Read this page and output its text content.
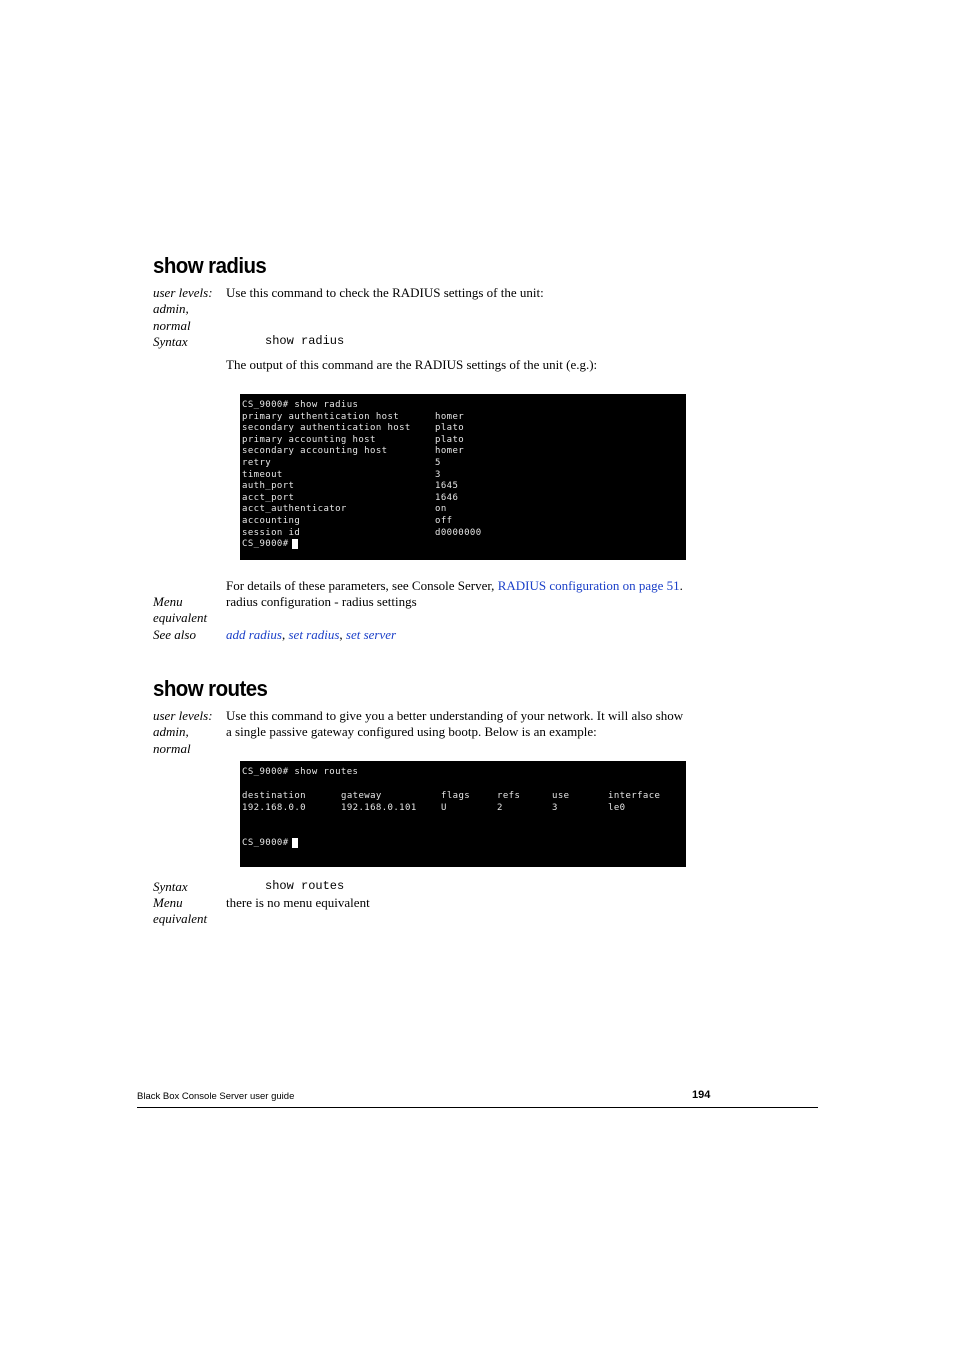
show radius
user levels:
admin,
normal
Use this command to check the RADIUS settings of the unit:
Syntax	show radius
The output of this command are the RADIUS settings of the unit (e.g.):
CS_9000# show radius
primary authentication host	homer
secondary authentication host	plato
primary accounting host	plato
secondary accounting host	homer
retry	5
timeout	3
auth_port	1645
acct_port	1646
acct_authenticator	on
accounting	off
session id	d0000000
CS_9000#
For details of these parameters, see Console Server, RADIUS configuration on page 51.
Menu
equivalent
radius configuration - radius settings
See also	add radius, set radius, set server
show routes
user levels:
admin,
normal
Use this command to give you a better understanding of your network. It will also show
a single passive gateway configured using bootp. Below is an example:
CS_9000# show routes
destination	gateway	flags	refs	use	interface
192.168.0.0	192.168.0.101	U	2	3	le0
CS_9000#
Syntax	show routes
Menu
equivalent
there is no menu equivalent
Black Box Console Server user guide	194
